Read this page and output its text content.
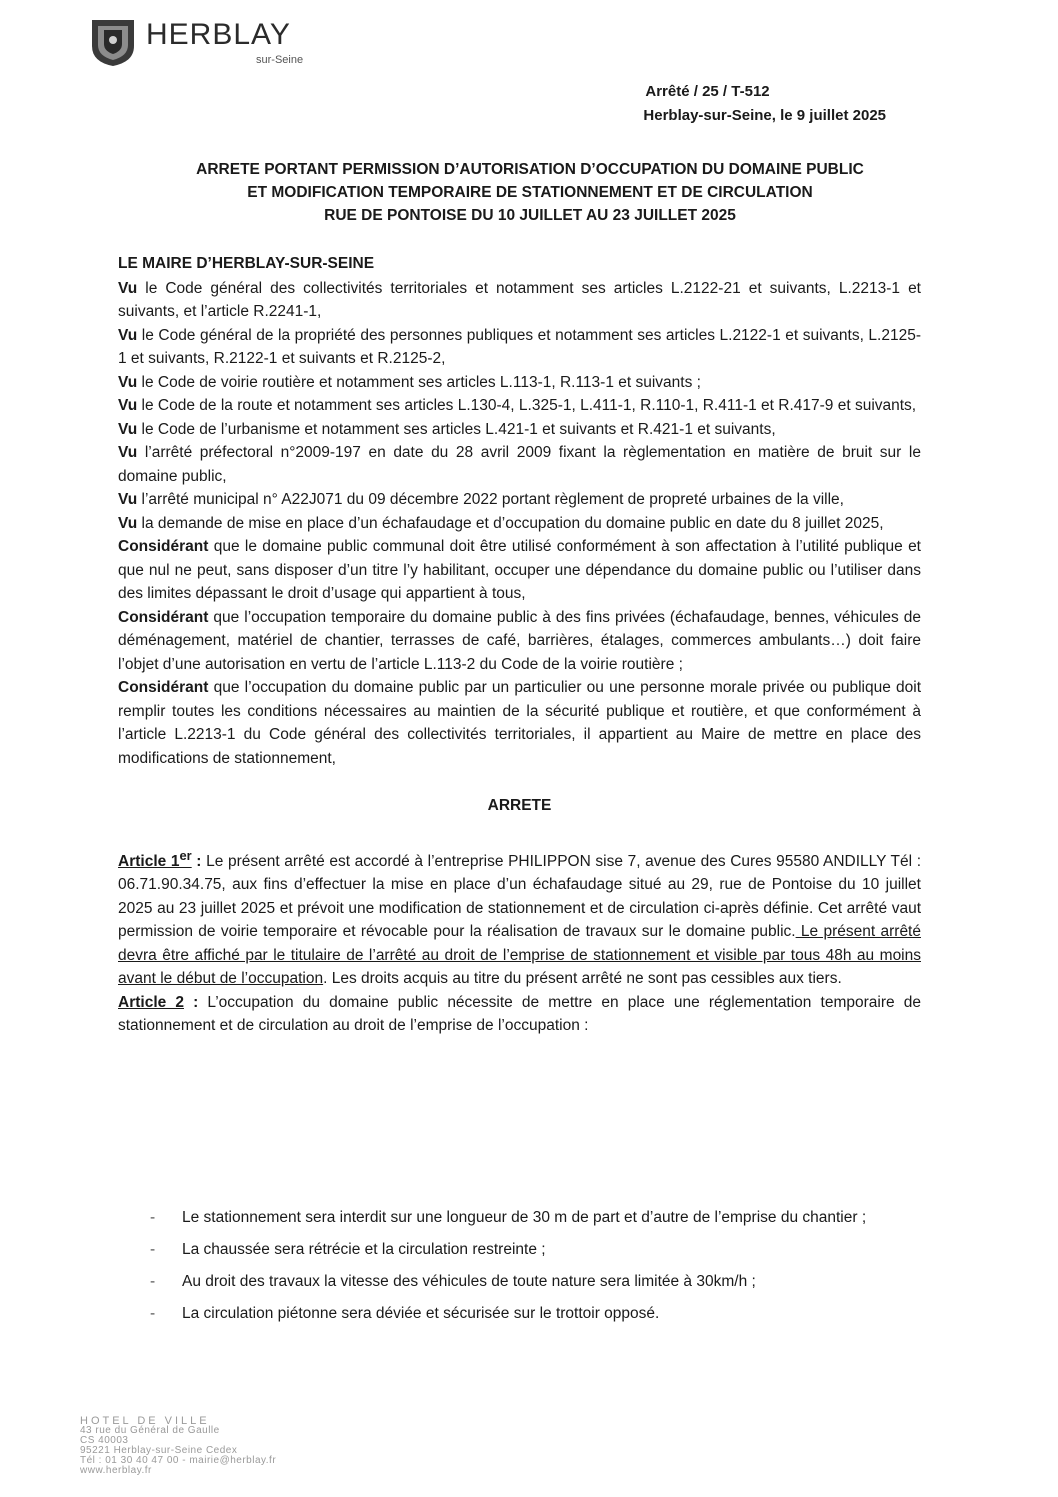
HERBLAY
sur-Seine
Arrêté / 25 / T-512
Herblay-sur-Seine, le 9 juillet 2025
ARRETE PORTANT PERMISSION D’AUTORISATION D’OCCUPATION DU DOMAINE PUBLIC
ET MODIFICATION TEMPORAIRE DE STATIONNEMENT ET DE CIRCULATION
RUE DE PONTOISE DU 10 JUILLET AU 23 JUILLET 2025

LE MAIRE D’HERBLAY-SUR-SEINE

Vu le Code général des collectivités territoriales et notamment ses articles L.2122-21 et suivants, L.2213-1 et suivants, et l’article R.2241-1,

Vu le Code général de la propriété des personnes publiques et notamment ses articles L.2122-1 et suivants, L.2125-1 et suivants, R.2122-1 et suivants et R.2125-2,

Vu le Code de voirie routière et notamment ses articles L.113-1, R.113-1 et suivants ;

Vu le Code de la route et notamment ses articles L.130-4, L.325-1, L.411-1, R.110-1, R.411-1 et R.417-9 et suivants,

Vu le Code de l’urbanisme et notamment ses articles L.421-1 et suivants et R.421-1 et suivants,

Vu l’arrêté préfectoral n°2009-197 en date du 28 avril 2009 fixant la règlementation en matière de bruit sur le domaine public,

Vu l’arrêté municipal n° A22J071 du 09 décembre 2022 portant règlement de propreté urbaines de la ville,

Vu la demande de mise en place d’un échafaudage et d’occupation du domaine public en date du 8 juillet 2025,

Considérant que le domaine public communal doit être utilisé conformément à son affectation à l’utilité publique et que nul ne peut, sans disposer d’un titre l’y habilitant, occuper une dépendance du domaine public ou l’utiliser dans des limites dépassant le droit d’usage qui appartient à tous,

Considérant que l’occupation temporaire du domaine public à des fins privées (échafaudage, bennes, véhicules de déménagement, matériel de chantier, terrasses de café, barrières, étalages, commerces ambulants…) doit faire l’objet d’une autorisation en vertu de l’article L.113-2 du Code de la voirie routière ;

Considérant que l’occupation du domaine public par un particulier ou une personne morale privée ou publique doit remplir toutes les conditions nécessaires au maintien de la sécurité publique et routière, et que conformément à l’article L.2213-1 du Code général des collectivités territoriales, il appartient au Maire de mettre en place des modifications de stationnement,

ARRETE

Article 1er : Le présent arrêté est accordé à l’entreprise PHILIPPON sise 7, avenue des Cures 95580 ANDILLY Tél : 06.71.90.34.75, aux fins d’effectuer la mise en place d’un échafaudage situé au 29, rue de Pontoise du 10 juillet 2025 au 23 juillet 2025 et prévoit une modification de stationnement et de circulation ci-après définie. Cet arrêté vaut permission de voirie temporaire et révocable pour la réalisation de travaux sur le domaine public. Le présent arrêté devra être affiché par le titulaire de l’arrêté au droit de l’emprise de stationnement et visible par tous 48h au moins avant le début de l’occupation. Les droits acquis au titre du présent arrêté ne sont pas cessibles aux tiers.

Article 2 : L’occupation du domaine public nécessite de mettre en place une réglementation temporaire de stationnement et de circulation au droit de l’emprise de l’occupation :

- Le stationnement sera interdit sur une longueur de 30 m de part et d’autre de l’emprise du chantier ;
- La chaussée sera rétrécie et la circulation restreinte ;
- Au droit des travaux la vitesse des véhicules de toute nature sera limitée à 30km/h ;
- La circulation piétonne sera déviée et sécurisée sur le trottoir opposé.
HOTEL DE VILLE
43 rue du Général de Gaulle
CS 40003
95221 Herblay-sur-Seine Cedex
Tél : 01 30 40 47 00 - mairie@herblay.fr
www.herblay.fr
